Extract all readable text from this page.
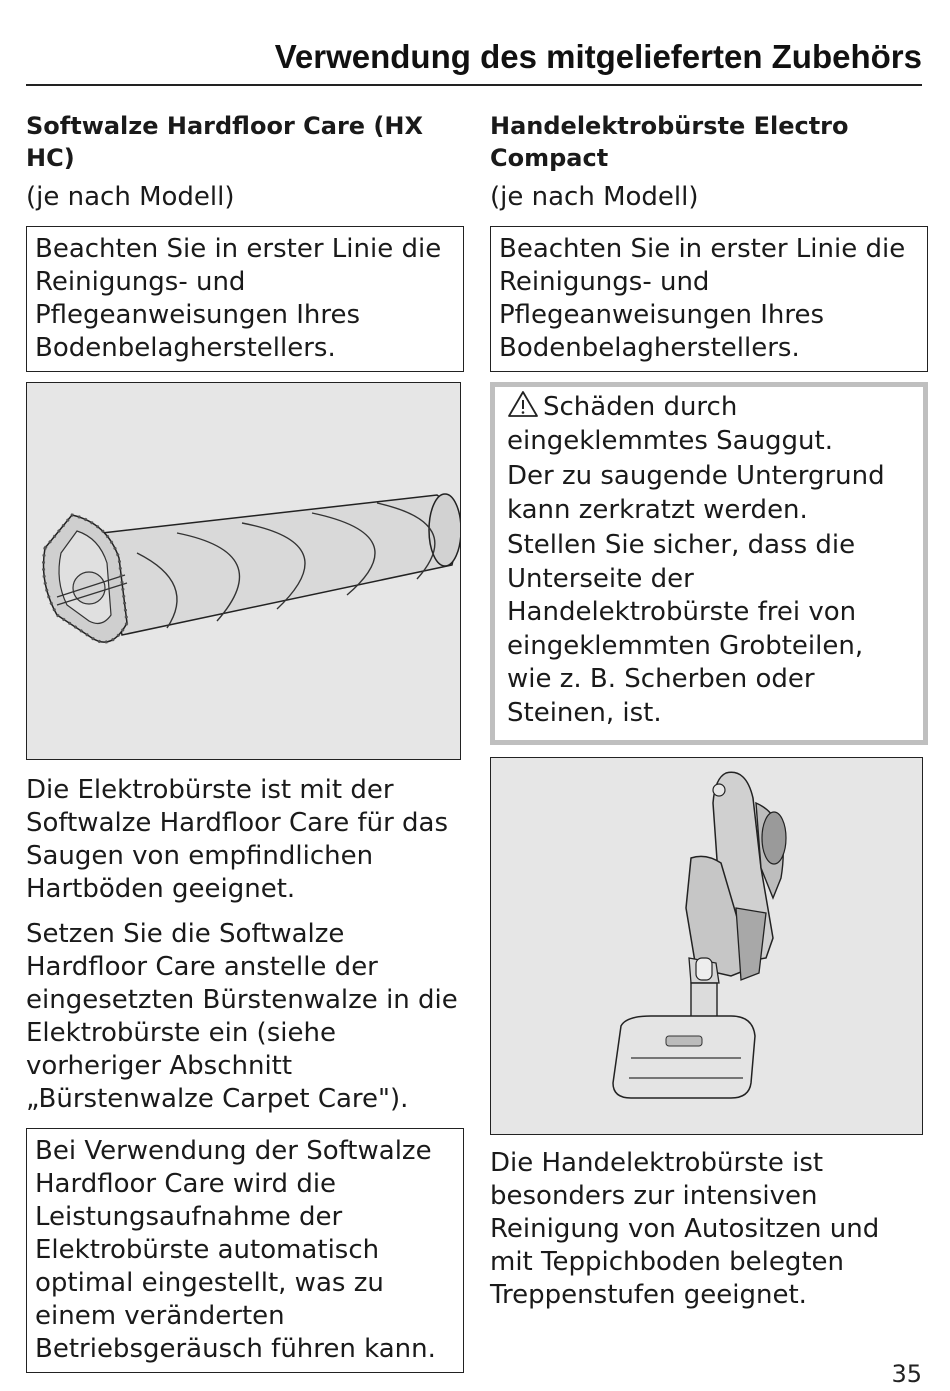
Verwendung des mitgelieferten Zubehörs
Softwalze Hardfloor Care (HX HC)
(je nach Modell)
Beachten Sie in erster Linie die Reinigungs- und Pflegeanweisungen Ihres Bodenbelagherstellers.

Die Elektrobürste ist mit der Softwalze Hardfloor Care für das Saugen von empfindlichen Hartböden geeignet.

Setzen Sie die Softwalze Hardfloor Care anstelle der eingesetzten Bürstenwalze in die Elektrobürste ein (siehe vorheriger Abschnitt „Bürstenwalze Carpet Care").

Bei Verwendung der Softwalze Hardfloor Care wird die Leistungsaufnahme der Elektrobürste automatisch optimal eingestellt, was zu einem veränderten Betriebsgeräusch führen kann.
Handelektrobürste Electro Compact
(je nach Modell)
Beachten Sie in erster Linie die Reinigungs- und Pflegeanweisungen Ihres Bodenbelagherstellers.

Schäden durch eingeklemmtes Sauggut.

Der zu saugende Untergrund kann zerkratzt werden.

Stellen Sie sicher, dass die Unterseite der Handelektrobürste frei von eingeklemmten Grobteilen, wie z. B. Scherben oder Steinen, ist.

Die Handelektrobürste ist besonders zur intensiven Reinigung von Autositzen und mit Teppichboden belegten Treppenstufen geeignet.

35
